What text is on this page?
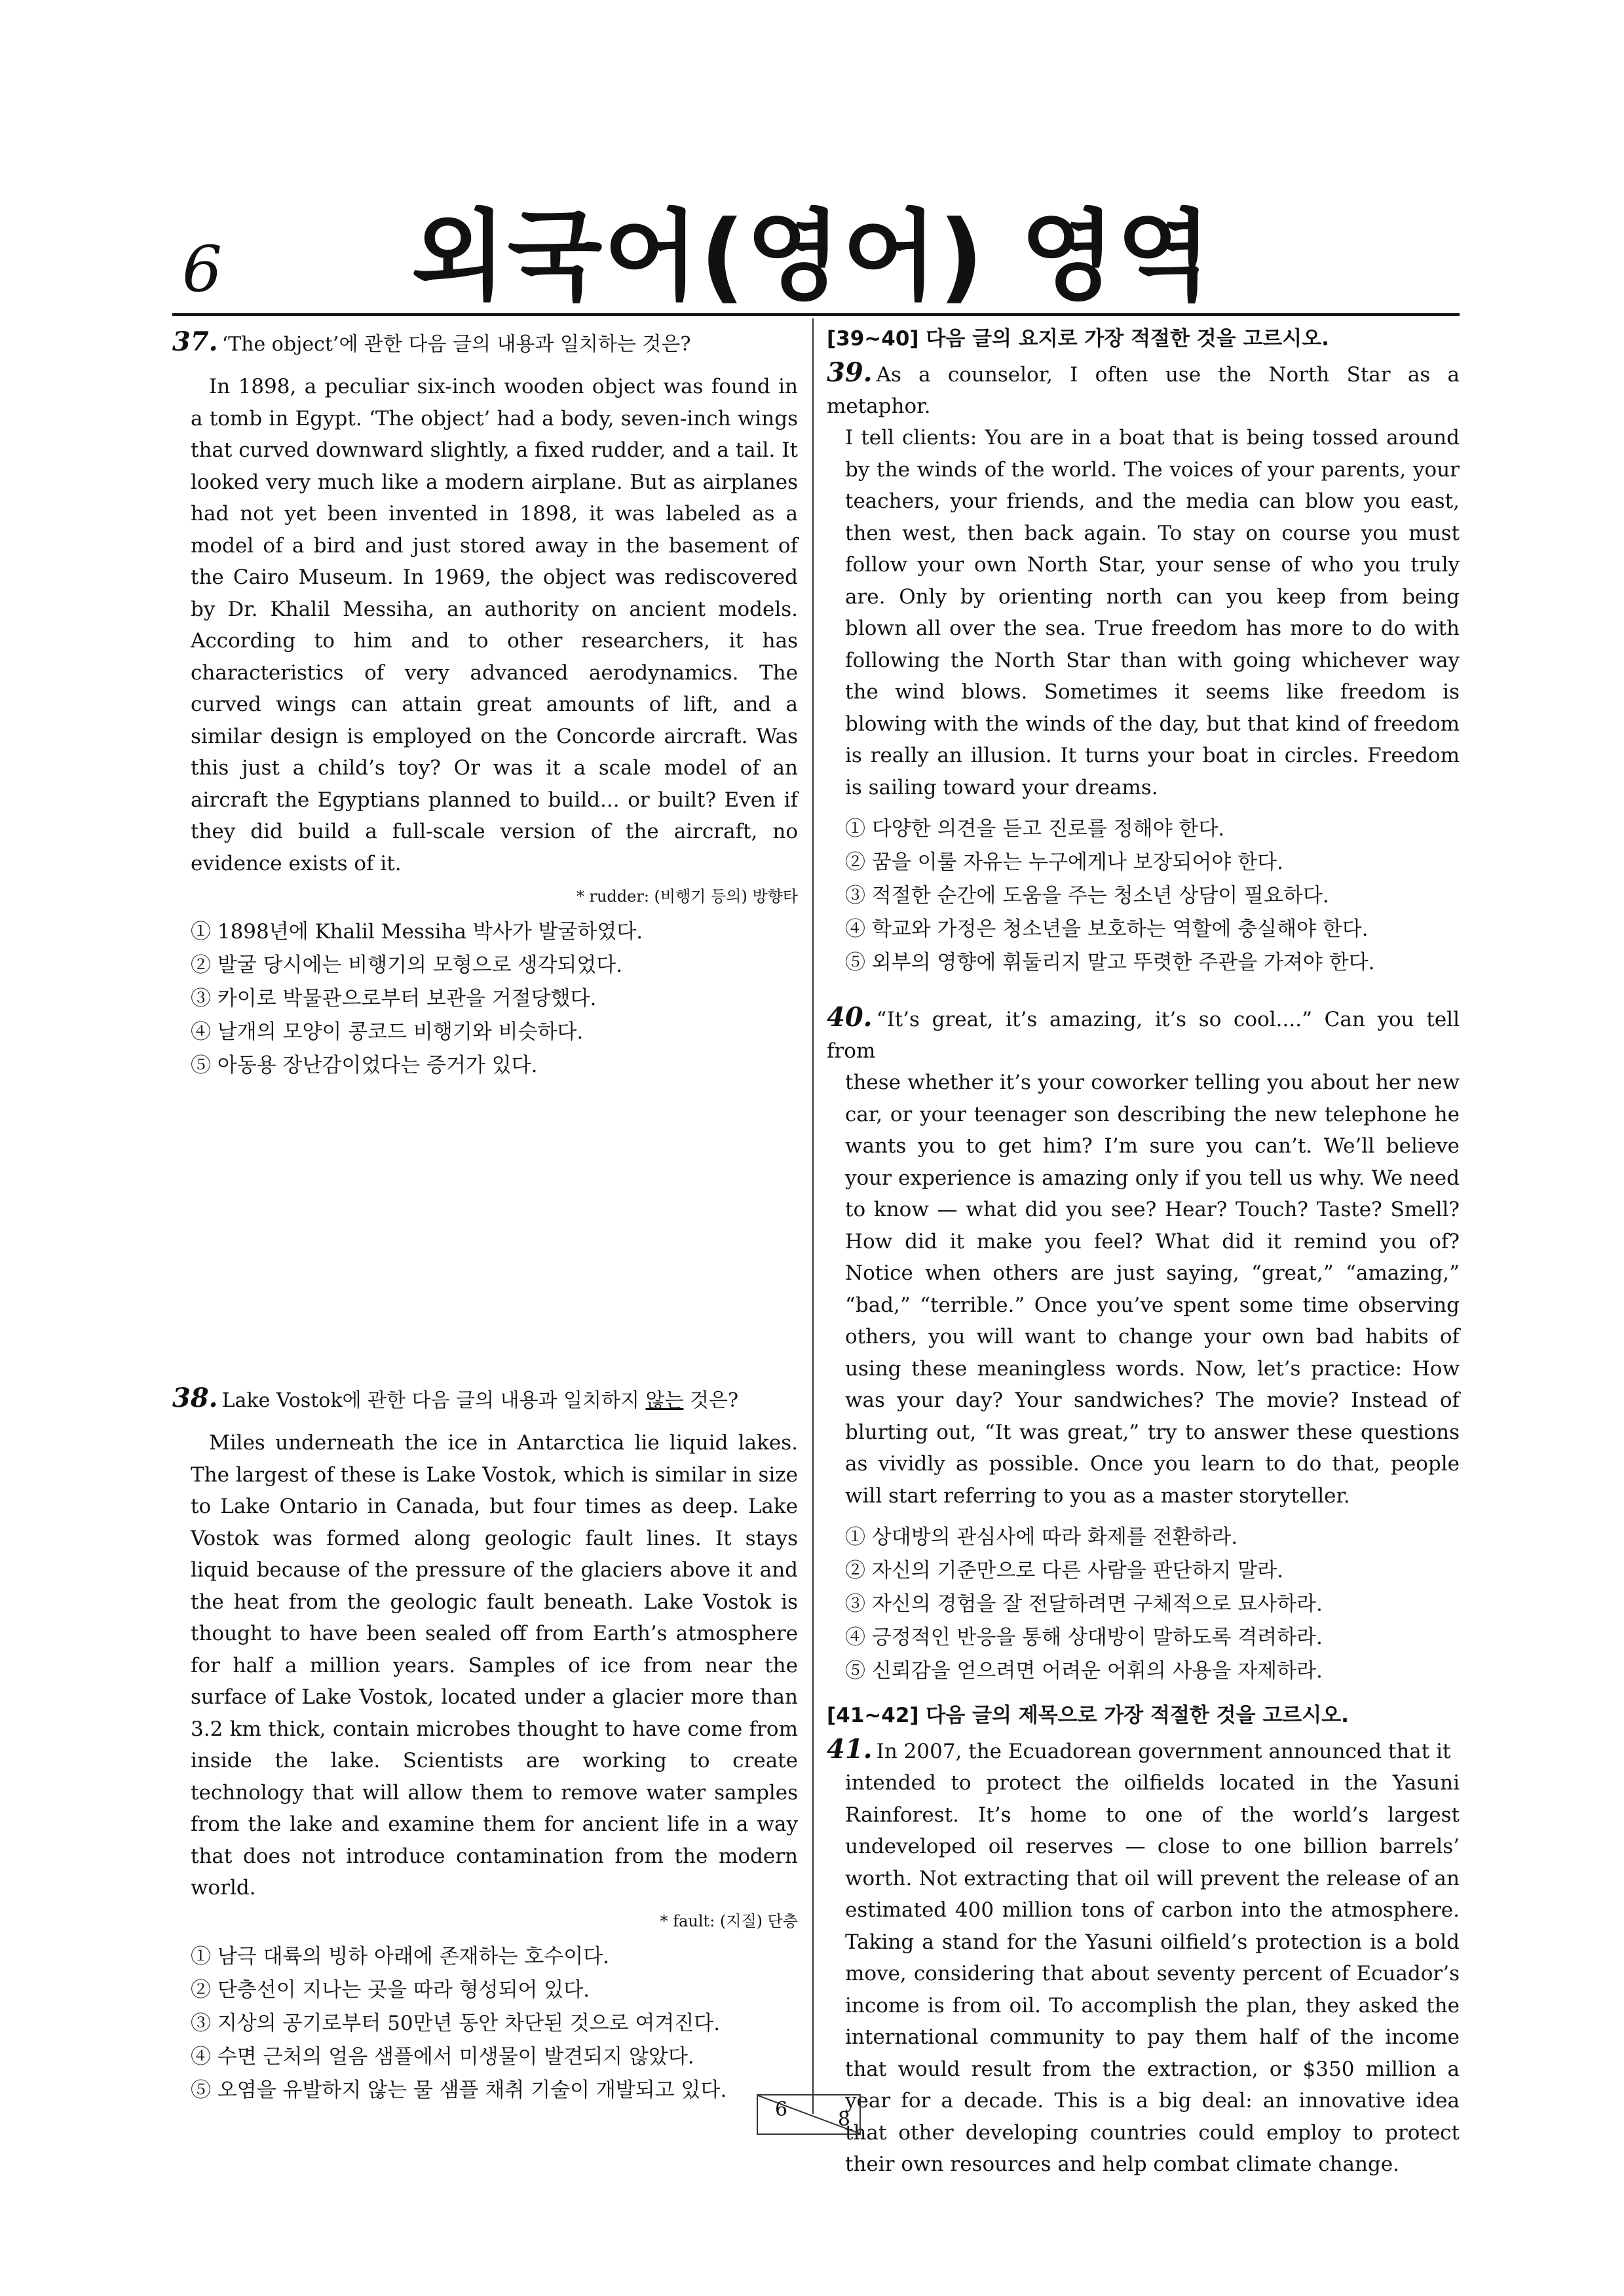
6	외국어(영어) 영역
37. ‘The object’에 관한 다음 글의 내용과 일치하는 것은?
In 1898, a peculiar six-inch wooden object was found in a tomb in Egypt. ‘The object’ had a body, seven-inch wings that curved downward slightly, a fixed rudder, and a tail. It looked very much like a modern airplane. But as airplanes had not yet been invented in 1898, it was labeled as a model of a bird and just stored away in the basement of the Cairo Museum. In 1969, the object was rediscovered by Dr. Khalil Messiha, an authority on ancient models. According to him and to other researchers, it has characteristics of very advanced aerodynamics. The curved wings can attain great amounts of lift, and a similar design is employed on the Concorde aircraft. Was this just a child’s toy? Or was it a scale model of an aircraft the Egyptians planned to build... or built? Even if they did build a full-scale version of the aircraft, no evidence exists of it.
* rudder: (비행기 등의) 방향타
① 1898년에 Khalil Messiha 박사가 발굴하였다.
② 발굴 당시에는 비행기의 모형으로 생각되었다.
③ 카이로 박물관으로부터 보관을 거절당했다.
④ 날개의 모양이 콩코드 비행기와 비슷하다.
⑤ 아동용 장난감이었다는 증거가 있다.
38. Lake Vostok에 관한 다음 글의 내용과 일치하지 않는 것은?
Miles underneath the ice in Antarctica lie liquid lakes. The largest of these is Lake Vostok, which is similar in size to Lake Ontario in Canada, but four times as deep. Lake Vostok was formed along geologic fault lines. It stays liquid because of the pressure of the glaciers above it and the heat from the geologic fault beneath. Lake Vostok is thought to have been sealed off from Earth’s atmosphere for half a million years. Samples of ice from near the surface of Lake Vostok, located under a glacier more than 3.2 km thick, contain microbes thought to have come from inside the lake. Scientists are working to create technology that will allow them to remove water samples from the lake and examine them for ancient life in a way that does not introduce contamination from the modern world.
* fault: (지질) 단층
① 남극 대륙의 빙하 아래에 존재하는 호수이다.
② 단층선이 지나는 곳을 따라 형성되어 있다.
③ 지상의 공기로부터 50만년 동안 차단된 것으로 여겨진다.
④ 수면 근처의 얼음 샘플에서 미생물이 발견되지 않았다.
⑤ 오염을 유발하지 않는 물 샘플 채취 기술이 개발되고 있다.
[39~40] 다음 글의 요지로 가장 적절한 것을 고르시오.
39. As a counselor, I often use the North Star as a metaphor.
I tell clients: You are in a boat that is being tossed around by the winds of the world. The voices of your parents, your teachers, your friends, and the media can blow you east, then west, then back again. To stay on course you must follow your own North Star, your sense of who you truly are. Only by orienting north can you keep from being blown all over the sea. True freedom has more to do with following the North Star than with going whichever way the wind blows. Sometimes it seems like freedom is blowing with the winds of the day, but that kind of freedom is really an illusion. It turns your boat in circles. Freedom is sailing toward your dreams.
① 다양한 의견을 듣고 진로를 정해야 한다.
② 꿈을 이룰 자유는 누구에게나 보장되어야 한다.
③ 적절한 순간에 도움을 주는 청소년 상담이 필요하다.
④ 학교와 가정은 청소년을 보호하는 역할에 충실해야 한다.
⑤ 외부의 영향에 휘둘리지 말고 뚜렷한 주관을 가져야 한다.
40. “It’s great, it’s amazing, it’s so cool....” Can you tell from
these whether it’s your coworker telling you about her new car, or your teenager son describing the new telephone he wants you to get him? I’m sure you can’t. We’ll believe your experience is amazing only if you tell us why. We need to know — what did you see? Hear? Touch? Taste? Smell? How did it make you feel? What did it remind you of? Notice when others are just saying, “great,” “amazing,” “bad,” “terrible.” Once you’ve spent some time observing others, you will want to change your own bad habits of using these meaningless words. Now, let’s practice: How was your day? Your sandwiches? The movie? Instead of blurting out, “It was great,” try to answer these questions as vividly as possible. Once you learn to do that, people will start referring to you as a master storyteller.
① 상대방의 관심사에 따라 화제를 전환하라.
② 자신의 기준만으로 다른 사람을 판단하지 말라.
③ 자신의 경험을 잘 전달하려면 구체적으로 묘사하라.
④ 긍정적인 반응을 통해 상대방이 말하도록 격려하라.
⑤ 신뢰감을 얻으려면 어려운 어휘의 사용을 자제하라.
[41~42] 다음 글의 제목으로 가장 적절한 것을 고르시오.
41. In 2007, the Ecuadorean government announced that it
intended to protect the oilfields located in the Yasuni Rainforest. It’s home to one of the world’s largest undeveloped oil reserves — close to one billion barrels’ worth. Not extracting that oil will prevent the release of an estimated 400 million tons of carbon into the atmosphere. Taking a stand for the Yasuni oilfield’s protection is a bold move, considering that about seventy percent of Ecuador’s income is from oil. To accomplish the plan, they asked the international community to pay them half of the income that would result from the extraction, or $350 million a year for a decade. This is a big deal: an innovative idea that other developing countries could employ to protect their own resources and help combat climate change.
6	8
